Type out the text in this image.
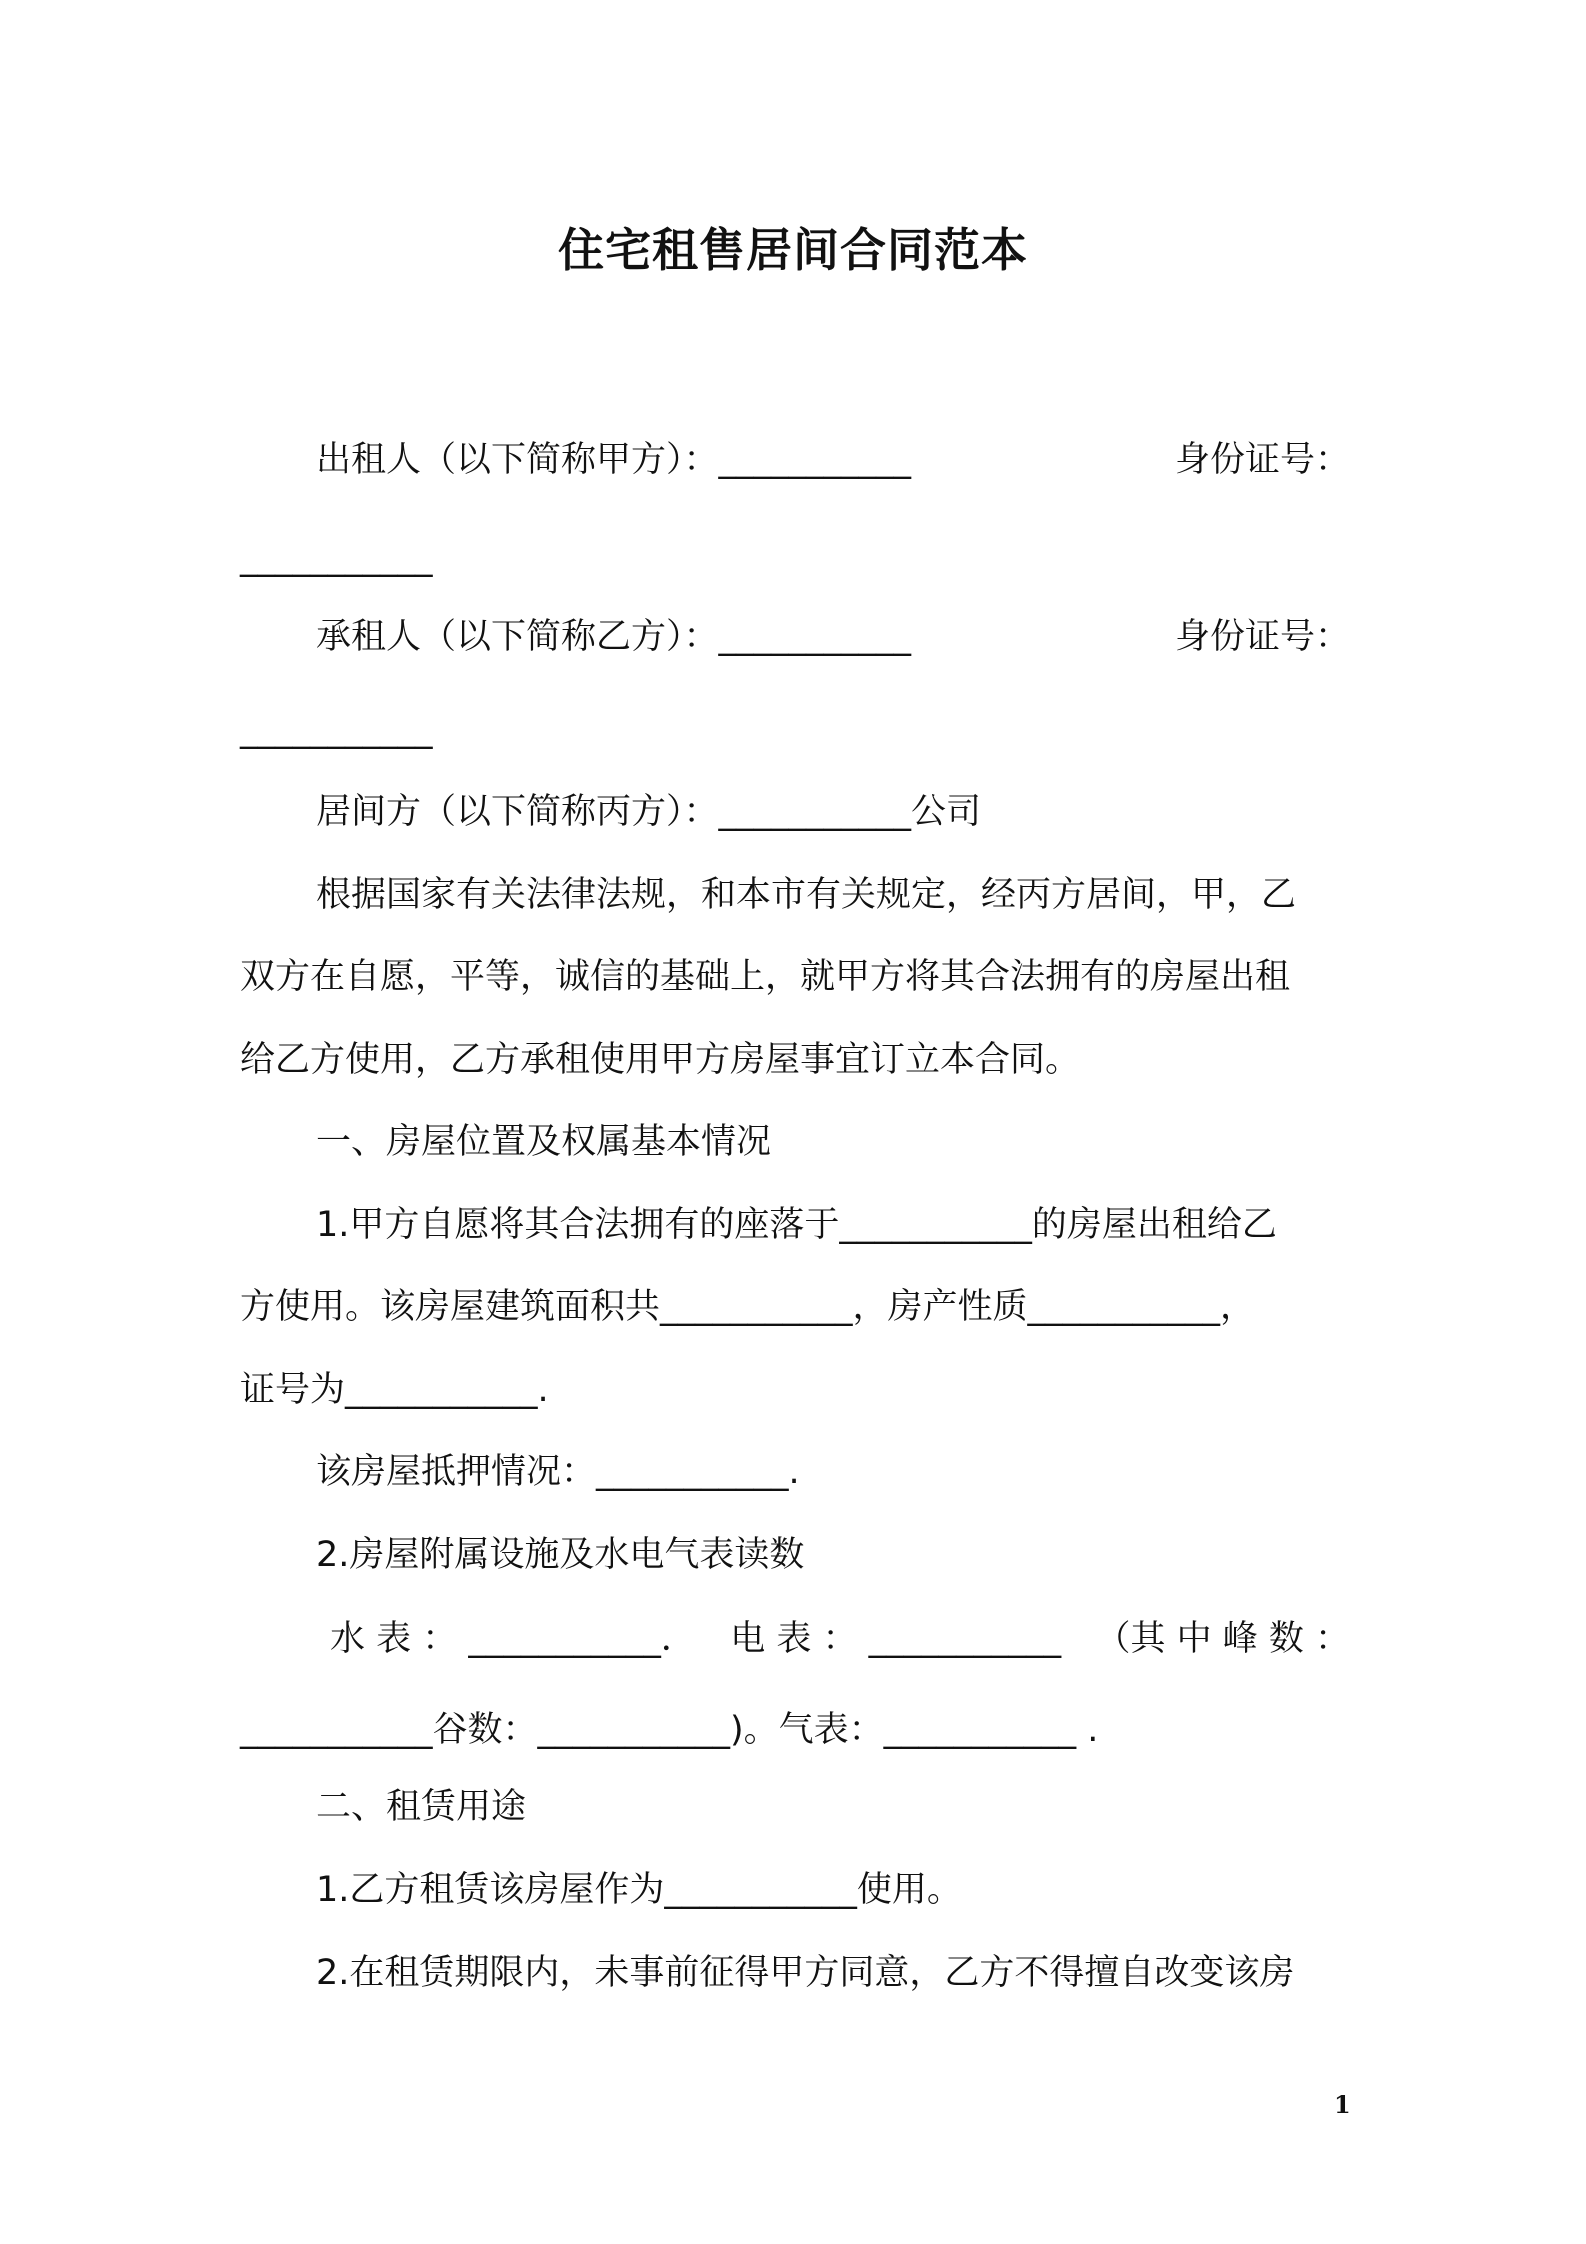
住宅租售居间合同范本
出租人（以下简称甲方）：___________	身份证号：
___________
承租人（以下简称乙方）：___________	身份证号：
___________
居间方（以下简称丙方）：___________公司
根据国家有关法律法规，和本市有关规定，经丙方居间，甲，乙
双方在自愿，平等，诚信的基础上，就甲方将其合法拥有的房屋出租
给乙方使用，乙方承租使用甲方房屋事宜订立本合同。
一、房屋位置及权属基本情况
1.甲方自愿将其合法拥有的座落于___________的房屋出租给乙
方使用。该房屋建筑面积共___________，房产性质___________，
证号为___________.
该房屋抵押情况：___________.
2.房屋附属设施及水电气表读数
水 表 ： ___________． 电 表 ： ___________ （其 中 峰 数 ：
___________谷数：___________)。气表：___________ .
二、租赁用途
1.乙方租赁该房屋作为___________使用。
2.在租赁期限内，未事前征得甲方同意，乙方不得擅自改变该房
1
